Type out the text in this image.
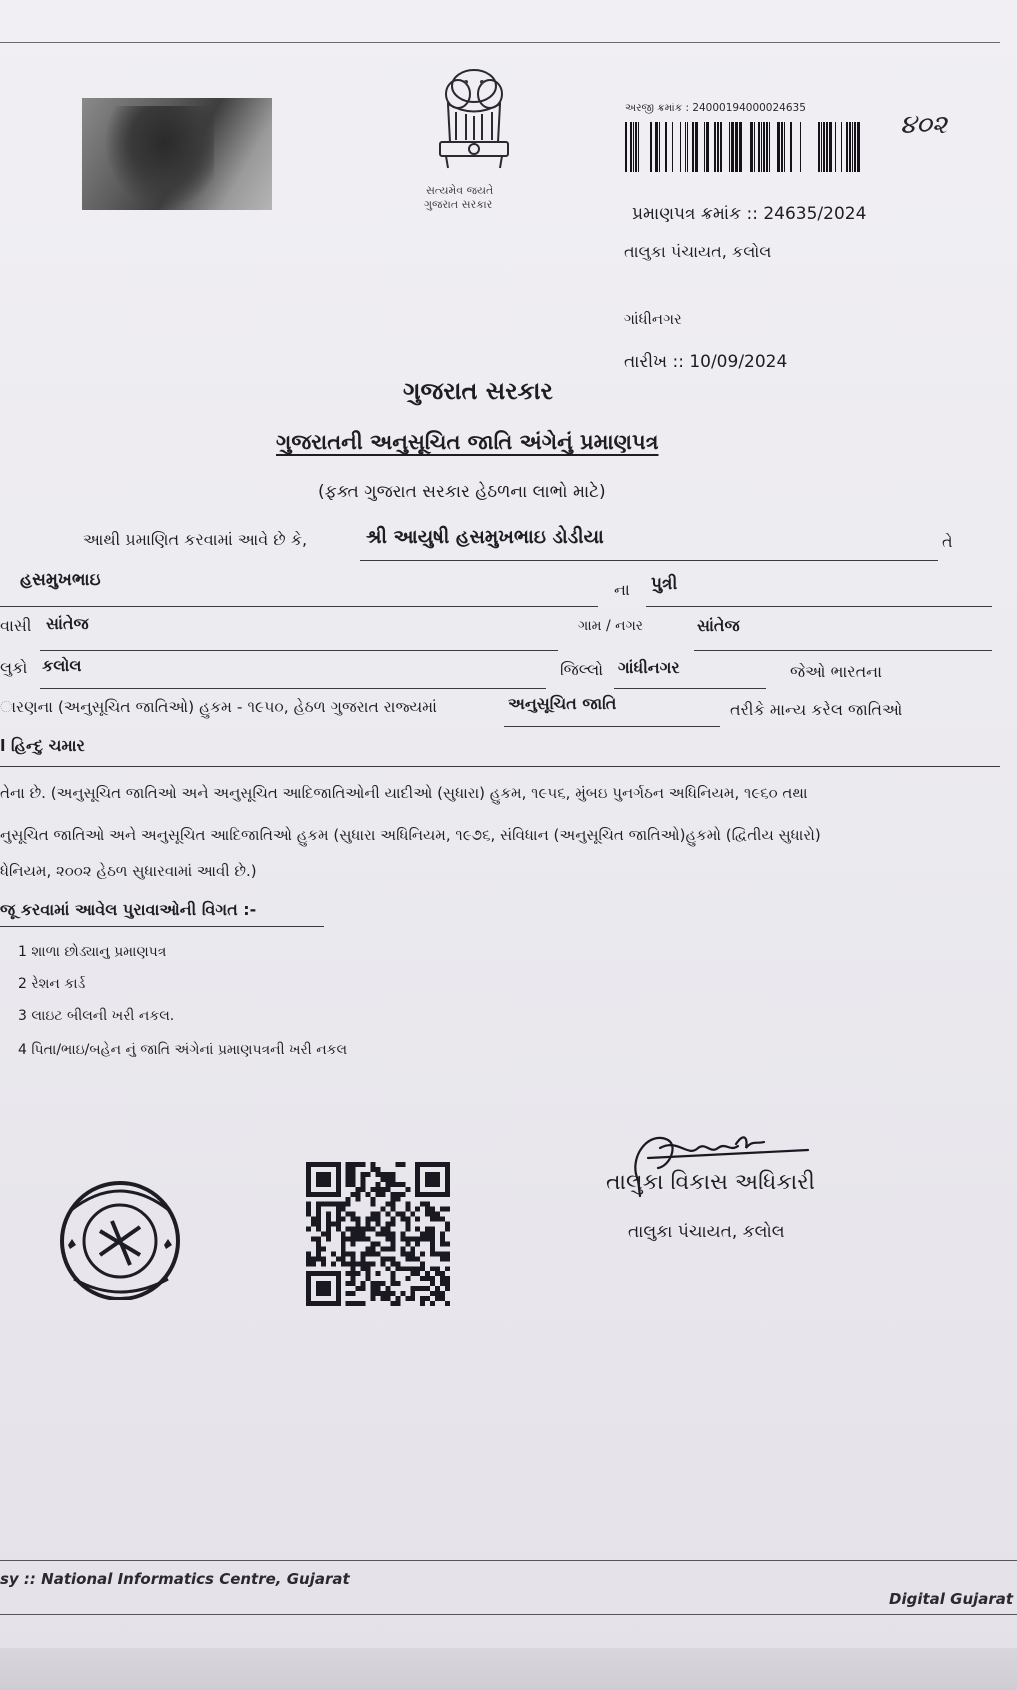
સત્યમેવ જયતે
ગુજરાત સરકાર
અરજી ક્રમાંક : 24000194000024635
૪૦૨
પ્રમાણપત્ર ક્રમાંક :: 24635/2024
તાલુકા પંચાયત, કલોલ
ગાંધીનગર
તારીખ :: 10/09/2024
ગુજરાત સરકાર
ગુજરાતની અનુસૂચિત જાતિ અંગેનું પ્રમાણપત્ર
(ફક્ત ગુજરાત સરકાર હેઠળના લાભો માટે)
આથી પ્રમાણિત કરવામાં આવે છે કે,	શ્રી આયુષી હસમુખભાઇ ડોડીયા	તે
હસમુખભાઇ	ના પુત્રી
વાસી સાંતેજ	ગામ / નગર	સાંતેજ
લુકો કલોલ	જિલ્લો ગાંધીનગર	જેઓ ભારતના
ારણના (અનુસૂચિત જાતિઓ) હુકમ - ૧૯૫૦, હેઠળ ગુજરાત રાજ્યમાં	અનુસૂચિત જાતિ	તરીકે માન્ય કરેલ જાતિઓ
l હિન્દુ ચમાર
તેના છે. (અનુસૂચિત જાતિઓ અને અનુસૂચિત આદિજાતિઓની યાદીઓ (સુધારા) હુકમ, ૧૯૫૬, મુંબઇ પુનર્ગઠન અધિનિયમ, ૧૯૬૦ તથા
નુસૂચિત જાતિઓ અને અનુસૂચિત આદિજાતિઓ હુકમ (સુધારા અધિનિયમ, ૧૯૭૬, સંવિધાન (અનુસૂચિત જાતિઓ)હુકમો (દ્વિતીય સુધારો)
ધેનિયમ, ૨૦૦૨ હેઠળ સુધારવામાં આવી છે.)
જૂ કરવામાં આવેલ પુરાવાઓની વિગત :-
1 શાળા છોડ્યાનુ પ્રમાણપત્ર
2 રેશન કાર્ડ
3 લાઇટ બીલની ખરી નકલ.
4 પિતા/ભાઇ/બહેન નું જાતિ અંગેનાં પ્રમાણપત્રની ખરી નકલ
તાલુકા વિકાસ અધિકારી
તાલુકા પંચાયત, કલોલ
sy :: National Informatics Centre, Gujarat
Digital Gujarat
